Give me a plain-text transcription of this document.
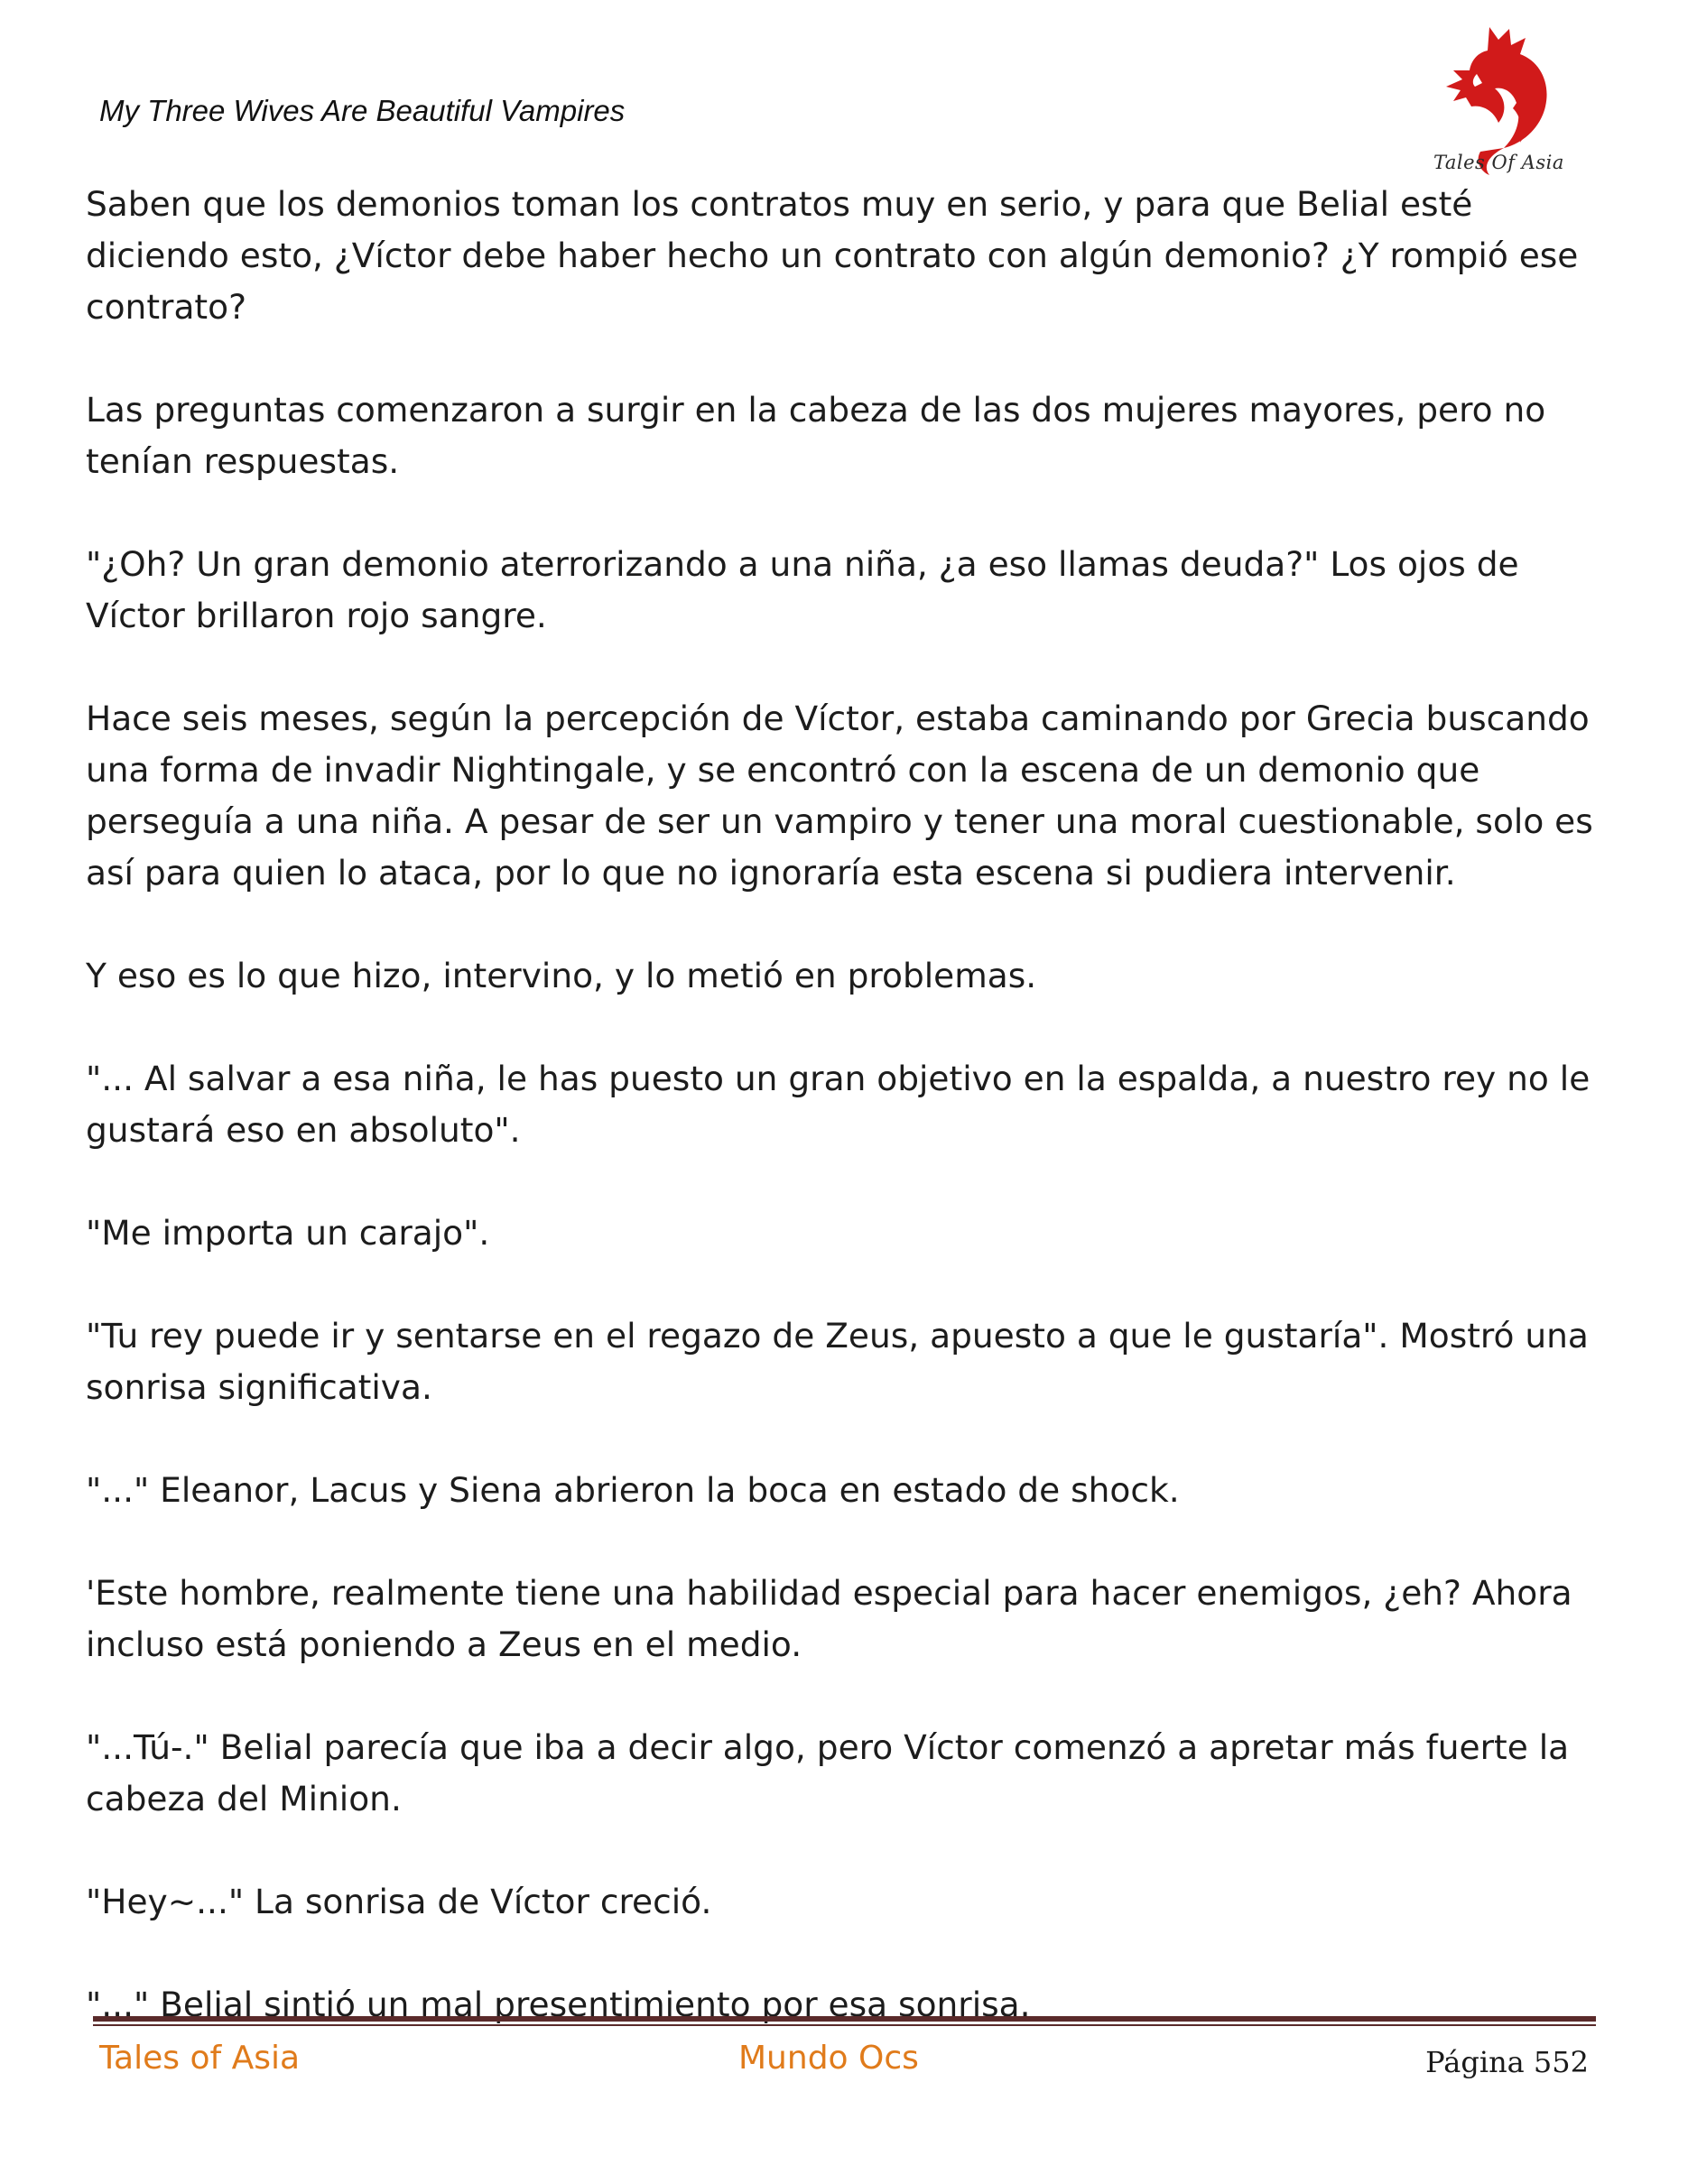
My Three Wives Are Beautiful Vampires
Tales Of Asia

Saben que los demonios toman los contratos muy en serio, y para que Belial esté diciendo esto, ¿Víctor debe haber hecho un contrato con algún demonio? ¿Y rompió ese contrato?

Las preguntas comenzaron a surgir en la cabeza de las dos mujeres mayores, pero no tenían respuestas.

"¿Oh? Un gran demonio aterrorizando a una niña, ¿a eso llamas deuda?" Los ojos de Víctor brillaron rojo sangre.

Hace seis meses, según la percepción de Víctor, estaba caminando por Grecia buscando una forma de invadir Nightingale, y se encontró con la escena de un demonio que perseguía a una niña. A pesar de ser un vampiro y tener una moral cuestionable, solo es así para quien lo ataca, por lo que no ignoraría esta escena si pudiera intervenir.

Y eso es lo que hizo, intervino, y lo metió en problemas.

"... Al salvar a esa niña, le has puesto un gran objetivo en la espalda, a nuestro rey no le gustará eso en absoluto".

"Me importa un carajo".

"Tu rey puede ir y sentarse en el regazo de Zeus, apuesto a que le gustaría". Mostró una sonrisa significativa.

"..." Eleanor, Lacus y Siena abrieron la boca en estado de shock.

'Este hombre, realmente tiene una habilidad especial para hacer enemigos, ¿eh? Ahora incluso está poniendo a Zeus en el medio.

"...Tú-." Belial parecía que iba a decir algo, pero Víctor comenzó a apretar más fuerte la cabeza del Minion.

"Hey~..." La sonrisa de Víctor creció.

"..." Belial sintió un mal presentimiento por esa sonrisa.

Tales of Asia	Mundo Ocs	Página 552
